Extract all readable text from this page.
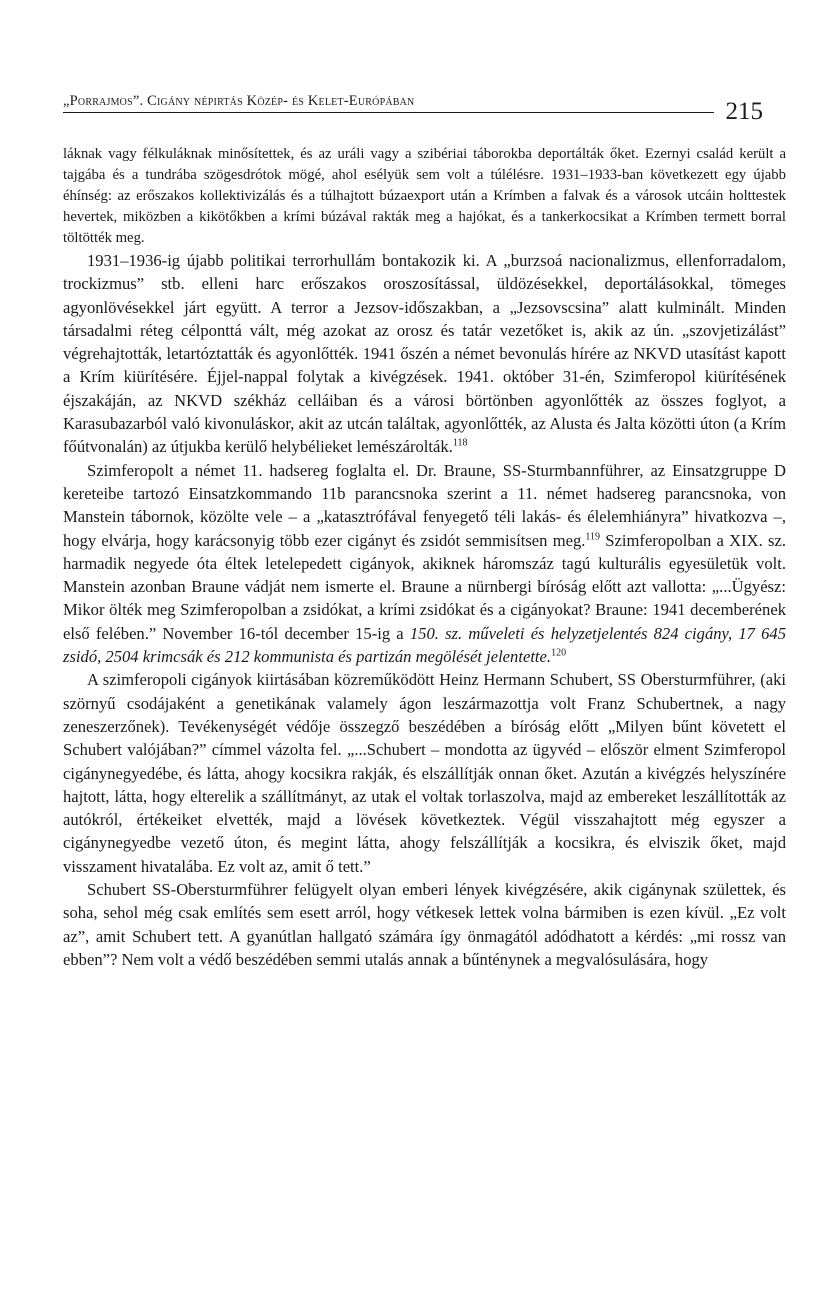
„Porrajmos”. Cigány népirtás Közép- és Kelet-Európában	215

láknak vagy félkuláknak minősítettek, és az uráli vagy a szibériai táborokba deportálták őket. Ezernyi család került a tajgába és a tundrába szögesdrótok mögé, ahol esélyük sem volt a túlélésre. 1931–1933-ban következett egy újabb éhínség: az erőszakos kollektivizálás és a túlhajtott búzaexport után a Krímben a falvak és a városok utcáin holttestek hevertek, miközben a kikötőkben a krími búzával rakták meg a hajókat, és a tankerkocsikat a Krímben termett borral töltötték meg.

1931–1936-ig újabb politikai terrorhullám bontakozik ki. A „burzsoá nacionalizmus, ellenforradalom, trockizmus” stb. elleni harc erőszakos oroszosítással, üldözésekkel, deportálásokkal, tömeges agyonlövésekkel járt együtt. A terror a Jezsov-időszakban, a „Jezsovscsina” alatt kulminált. Minden társadalmi réteg célponttá vált, még azokat az orosz és tatár vezetőket is, akik az ún. „szovjetizálást” végrehajtották, letartóztatták és agyonlőtték. 1941 őszén a német bevonulás hírére az NKVD utasítást kapott a Krím kiürítésére. Éjjel-nappal folytak a kivégzések. 1941. október 31-én, Szimferopol kiürítésének éjszakáján, az NKVD székház celláiban és a városi börtönben agyonlőtték az összes foglyot, a Karasubazarból való kivonuláskor, akit az utcán találtak, agyonlőtték, az Alusta és Jalta közötti úton (a Krím főútvonalán) az útjukba kerülő helybélieket lemészárolták.$^{118}$

Szimferopolt a német 11. hadsereg foglalta el. Dr. Braune, SS-Sturmbannführer, az Einsatzgruppe D kereteibe tartozó Einsatzkommando 11b parancsnoka szerint a 11. német hadsereg parancsnoka, von Manstein tábornok, közölte vele – a „katasztrófával fenyegető téli lakás- és élelemhiányra” hivatkozva –, hogy elvárja, hogy karácsonyig több ezer cigányt és zsidót semmisítsen meg.$^{119}$ Szimferopolban a XIX. sz. harmadik negyede óta éltek letelepedett cigányok, akiknek háromszáz tagú kulturális egyesületük volt. Manstein azonban Braune vádját nem ismerte el. Braune a nürnbergi bíróság előtt azt vallotta: „...Ügyész: Mikor ölték meg Szimferopolban a zsidókat, a krími zsidókat és a cigányokat? Braune: 1941 decemberének első felében.” November 16-tól december 15-ig a 150. sz. műveleti és helyzetjelentés 824 cigány, 17 645 zsidó, 2504 krimcsák és 212 kommunista és partizán megölését jelentette.$^{120}$

A szimferopoli cigányok kiirtásában közreműködött Heinz Hermann Schubert, SS Obersturmführer, (aki szörnyű csodájaként a genetikának valamely ágon leszármazottja volt Franz Schubertnek, a nagy zeneszerzőnek). Tevékenységét védője összegző beszédében a bíróság előtt „Milyen bűnt követett el Schubert valójában?” címmel vázolta fel. „...Schubert – mondotta az ügyvéd – először elment Szimferopol cigánynegyedébe, és látta, ahogy kocsikra rakják, és elszállítják onnan őket. Azután a kivégzés helyszínére hajtott, látta, hogy elterelik a szállítmányt, az utak el voltak torlaszolva, majd az embereket leszállították az autókról, értékeiket elvették, majd a lövések következtek. Végül visszahajtott még egyszer a cigánynegyedbe vezető úton, és megint látta, ahogy felszállítják a kocsikra, és elviszik őket, majd visszament hivatalába. Ez volt az, amit ő tett.”

Schubert SS-Obersturmführer felügyelt olyan emberi lények kivégzésére, akik cigánynak születtek, és soha, sehol még csak említés sem esett arról, hogy vétkesek lettek volna bármiben is ezen kívül. „Ez volt az”, amit Schubert tett. A gyanútlan hallgató számára így önmagától adódhatott a kérdés: „mi rossz van ebben”? Nem volt a védő beszédében semmi utalás annak a bűnténynek a megvalósulására, hogy
